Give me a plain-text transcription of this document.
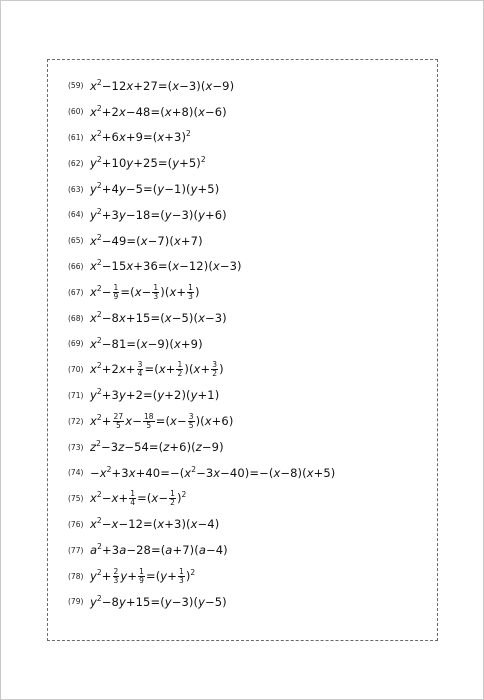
(59) $x^2-12x+27=(x-3)(x-9)$
(60) $x^2+2x-48=(x+8)(x-6)$
(61) $x^2+6x+9=(x+3)^2$
(62) $y^2+10y+25=(y+5)^2$
(63) $y^2+4y-5=(y-1)(y+5)$
(64) $y^2+3y-18=(y-3)(y+6)$
(65) $x^2-49=(x-7)(x+7)$
(66) $x^2-15x+36=(x-12)(x-3)$
(67) $x^2- \frac{1}{9} =(x- \frac{1}{3} )(x+ \frac{1}{3}$ )
(68) $x^2-8x+15=(x-5)(x-3)$
(69) $x^2-81=(x-9)(x+9)$
(70) $x^2+2x+ \frac{3}{4} =(x+ \frac{1}{2} )(x+ \frac{3}{2}$ )
(71) $y^2+3y+2=(y+2)(y+1)$
(72) $x^2+ \frac{27}{5} x- \frac{18}{5} =(x- \frac{3}{5} )(x+6)$
(73) $z^2-3z-54=(z+6)(z-9)$
$(74) -x^2+3x+40=-(x^2-3x-40)=-(x-8)(x+5)$
(75) $x^2-x+ \frac{1}{4} =(x- \frac{1}{2} )^2$
(76) $x^2-x-12=(x+3)(x-4)$
(77) $a^2+3a-28=(a+7)(a-4)$
(78) $y^2+ \frac{2}{3} y+ \frac{1}{9} =(y+ \frac{1}{3} )^2$
(79) $y^2-8y+15=(y-3)(y-5)$
